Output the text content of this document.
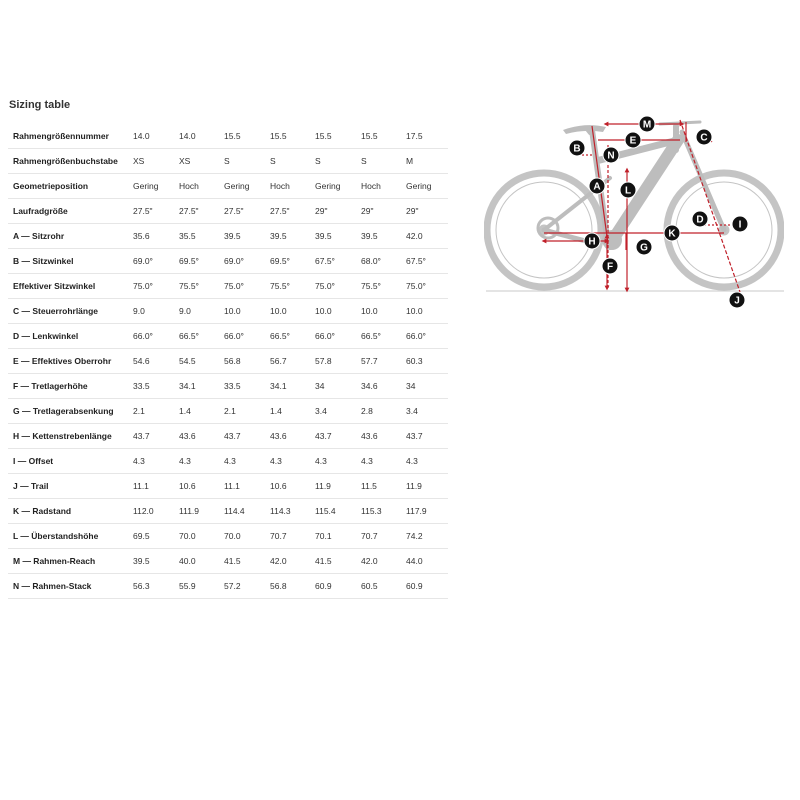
Sizing table
Rahmengrößennummer	14.0	14.0	15.5	15.5	15.5	15.5	17.5
Rahmengrößenbuchstabe	XS	XS	S	S	S	S	M
Geometrieposition	Gering	Hoch	Gering	Hoch	Gering	Hoch	Gering
Laufradgröße	27.5"	27.5"	27.5"	27.5"	29"	29"	29"
A — Sitzrohr	35.6	35.5	39.5	39.5	39.5	39.5	42.0
B — Sitzwinkel	69.0°	69.5°	69.0°	69.5°	67.5°	68.0°	67.5°
Effektiver Sitzwinkel	75.0°	75.5°	75.0°	75.5°	75.0°	75.5°	75.0°
C — Steuerrohrlänge	9.0	9.0	10.0	10.0	10.0	10.0	10.0
D — Lenkwinkel	66.0°	66.5°	66.0°	66.5°	66.0°	66.5°	66.0°
E — Effektives Oberrohr	54.6	54.5	56.8	56.7	57.8	57.7	60.3
F — Tretlagerhöhe	33.5	34.1	33.5	34.1	34	34.6	34
G — Tretlagerabsenkung	2.1	1.4	2.1	1.4	3.4	2.8	3.4
H — Kettenstrebenlänge	43.7	43.6	43.7	43.6	43.7	43.6	43.7
I — Offset	4.3	4.3	4.3	4.3	4.3	4.3	4.3
J — Trail	11.1	10.6	11.1	10.6	11.9	11.5	11.9
K — Radstand	112.0	111.9	114.4	114.3	115.4	115.3	117.9
L — Überstandshöhe	69.5	70.0	70.0	70.7	70.1	70.7	74.2
M — Rahmen-Reach	39.5	40.0	41.5	42.0	41.5	42.0	44.0
N — Rahmen-Stack	56.3	55.9	57.2	56.8	60.9	60.5	60.9
M
C
E
B
N
A L
D	I
K
H
G
F
J
